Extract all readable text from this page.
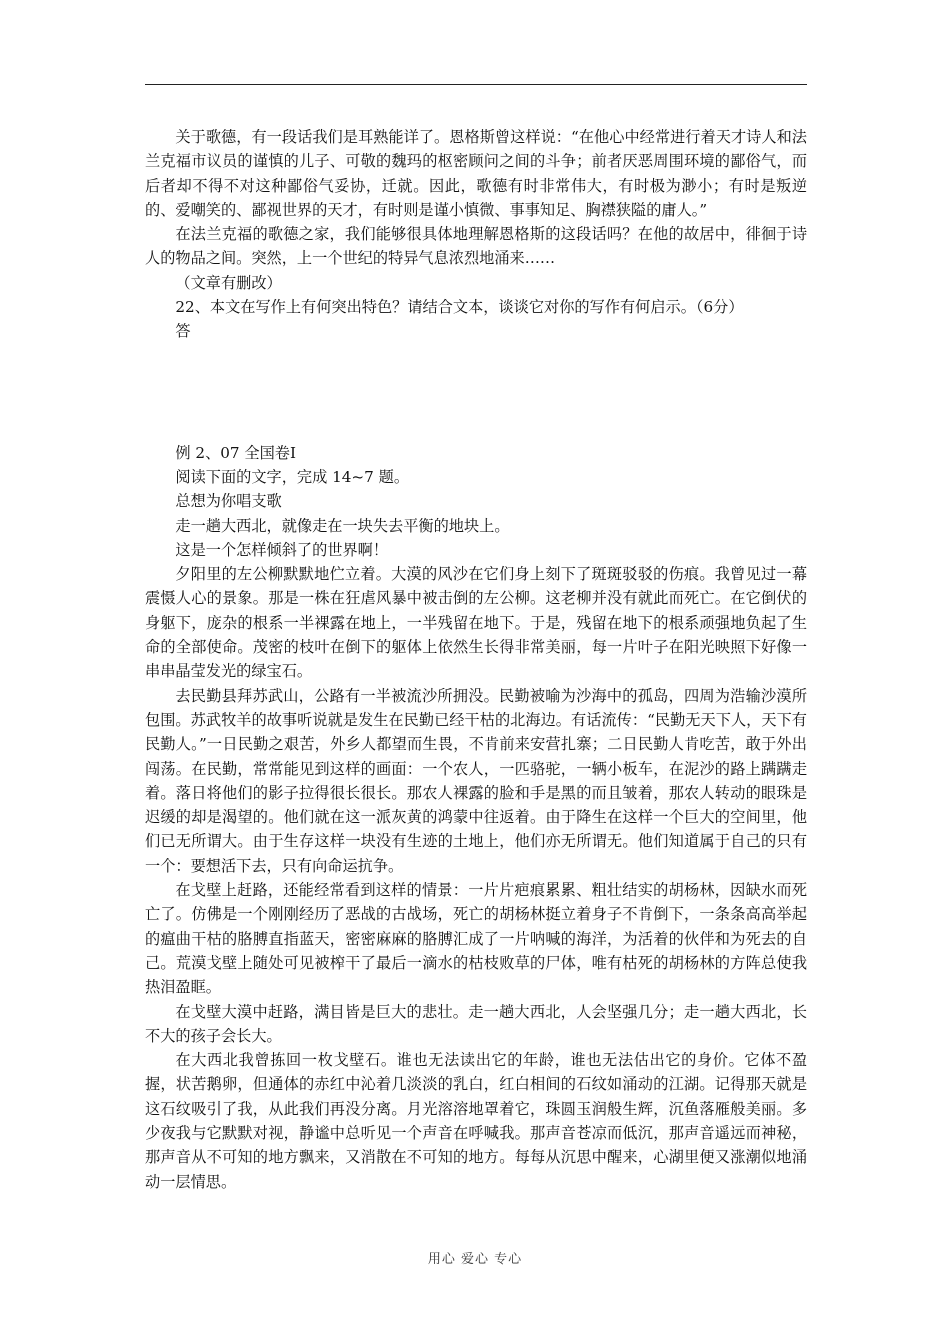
关于歌德，有一段话我们是耳熟能详了。恩格斯曾这样说：“在他心中经常进行着天才诗人和法兰克福市议员的谨慎的儿子、可敬的魏玛的枢密顾问之间的斗争；前者厌恶周围环境的鄙俗气，而后者却不得不对这种鄙俗气妥协，迁就。因此，歌德有时非常伟大，有时极为渺小；有时是叛逆的、爱嘲笑的、鄙视世界的天才，有时则是谨小慎微、事事知足、胸襟狭隘的庸人。”

在法兰克福的歌德之家，我们能够很具体地理解恩格斯的这段话吗？在他的故居中，徘徊于诗人的物品之间。突然，上一个世纪的特异气息浓烈地涌来……

（文章有删改）

22、本文在写作上有何突出特色？请结合文本，谈谈它对你的写作有何启示。（6分）

答

例 2、07 全国卷Ⅰ

阅读下面的文字，完成 14~7 题。

总想为你唱支歌

走一趟大西北，就像走在一块失去平衡的地块上。

这是一个怎样倾斜了的世界啊！

夕阳里的左公柳默默地伫立着。大漠的风沙在它们身上刻下了斑斑驳驳的伤痕。我曾见过一幕震慑人心的景象。那是一株在狂虐风暴中被击倒的左公柳。这老柳并没有就此而死亡。在它倒伏的身躯下，庞杂的根系一半裸露在地上，一半残留在地下。于是，残留在地下的根系顽强地负起了生命的全部使命。茂密的枝叶在倒下的躯体上依然生长得非常美丽，每一片叶子在阳光映照下好像一串串晶莹发光的绿宝石。

去民勤县拜苏武山，公路有一半被流沙所拥没。民勤被喻为沙海中的孤岛，四周为浩输沙漠所包围。苏武牧羊的故事听说就是发生在民勤已经干枯的北海边。有话流传：“民勤无天下人，天下有民勤人。”一日民勤之艰苦，外乡人都望而生畏，不肯前来安营扎寨；二日民勤人肯吃苦，敢于外出闯荡。在民勤，常常能见到这样的画面：一个农人，一匹骆驼，一辆小板车，在泥沙的路上蹒蹒走着。落日将他们的影子拉得很长很长。那农人裸露的脸和手是黑的而且皱着，那农人转动的眼珠是迟缓的却是渴望的。他们就在这一派灰黄的鸿蒙中往返着。由于降生在这样一个巨大的空间里，他们已无所谓大。由于生存这样一块没有生迹的土地上，他们亦无所谓无。他们知道属于自己的只有一个：要想活下去，只有向命运抗争。

在戈壁上赶路，还能经常看到这样的情景：一片片疤痕累累、粗壮结实的胡杨林，因缺水而死亡了。仿佛是一个刚刚经历了恶战的古战场，死亡的胡杨林挺立着身子不肯倒下，一条条高高举起的瘟曲干枯的胳膊直指蓝天，密密麻麻的胳膊汇成了一片呐喊的海洋，为活着的伙伴和为死去的自己。荒漠戈壁上随处可见被榨干了最后一滴水的枯枝败草的尸体，唯有枯死的胡杨林的方阵总使我热泪盈眶。

在戈壁大漠中赶路，满目皆是巨大的悲壮。走一趟大西北，人会坚强几分；走一趟大西北，长不大的孩子会长大。

在大西北我曾拣回一枚戈壁石。谁也无法读出它的年龄，谁也无法估出它的身价。它体不盈握，状苦鹅卵，但通体的赤红中沁着几淡淡的乳白，红白相间的石纹如涌动的江湖。记得那天就是这石纹吸引了我，从此我们再没分离。月光溶溶地罩着它，珠圆玉润般生辉，沉鱼落雁般美丽。多少夜我与它默默对视，静谧中总听见一个声音在呼喊我。那声音苍凉而低沉，那声音遥远而神秘，那声音从不可知的地方飘来，又消散在不可知的地方。每每从沉思中醒来，心湖里便又涨潮似地涌动一层情思。

用心 爱心 专心
